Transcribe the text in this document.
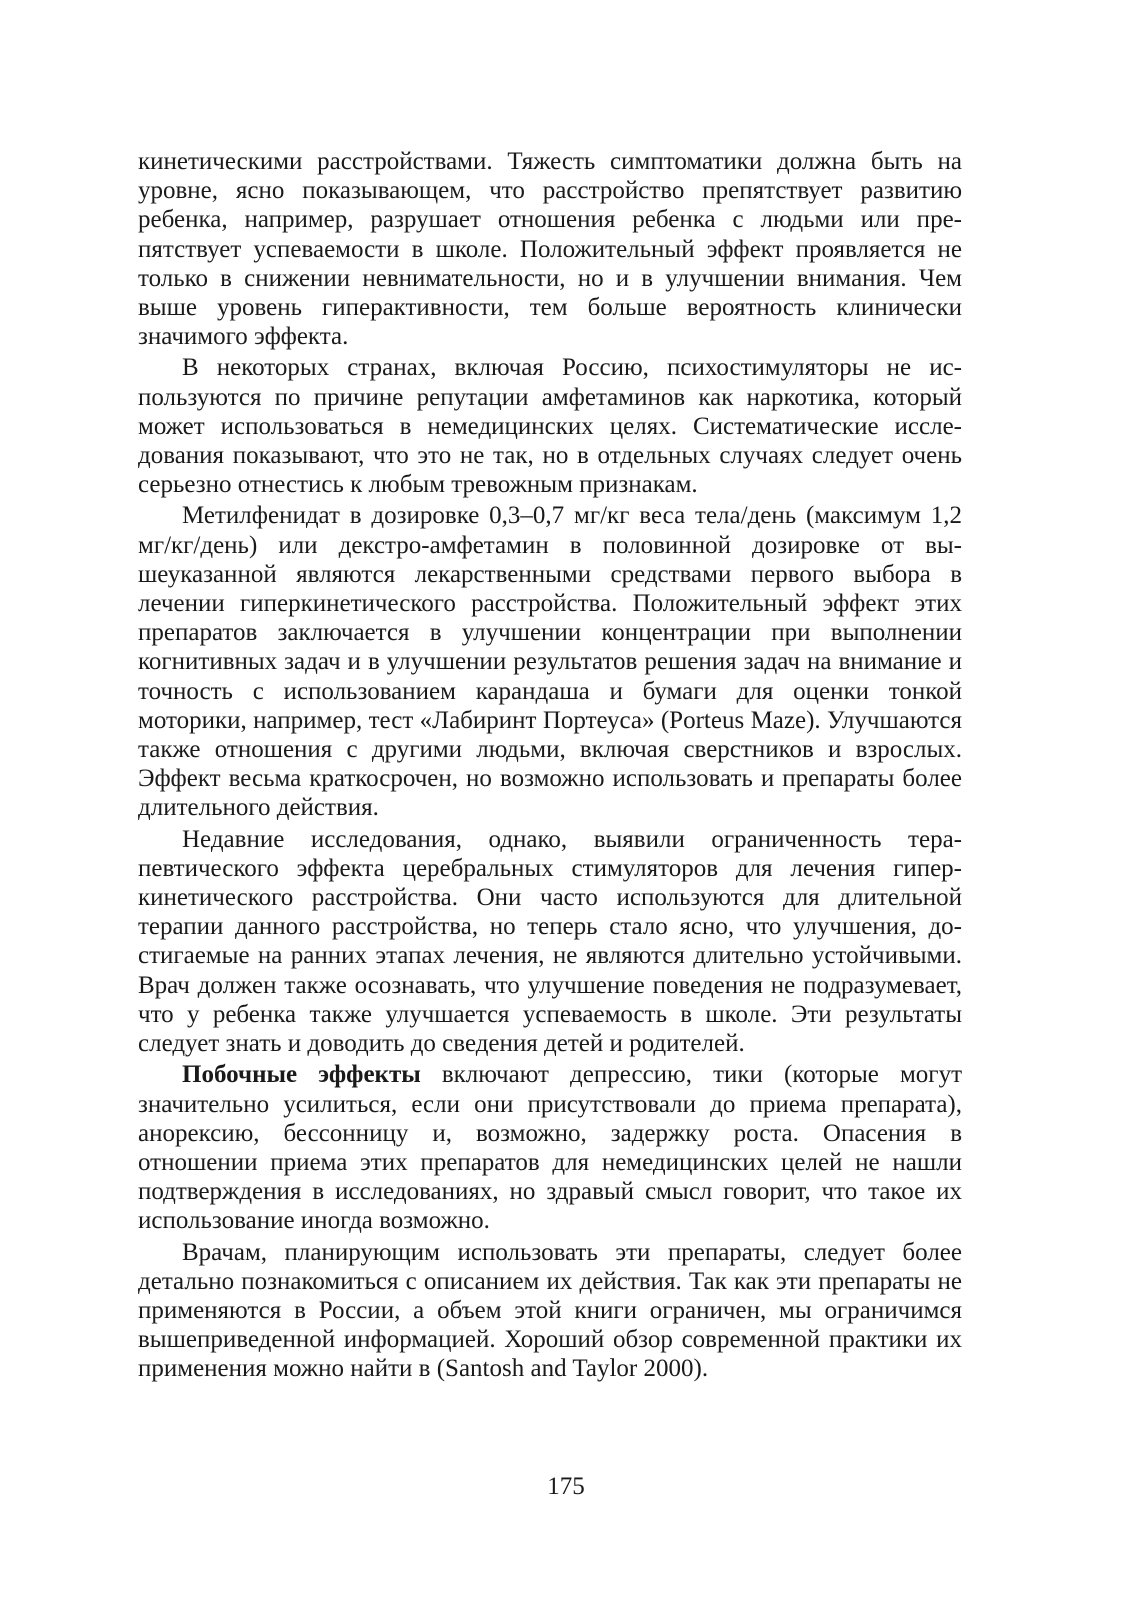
кинетическими расстройствами. Тяжесть симптоматики должна быть на уровне, ясно показывающем, что расстройство препятствует развитию ребенка, например, разрушает отношения ребенка с людьми или препятствует успеваемости в школе. Положительный эффект проявляется не только в снижении невнимательности, но и в улучшении внимания. Чем выше уровень гиперактивности, тем больше вероятность клинически значимого эффекта.

В некоторых странах, включая Россию, психостимуляторы не используются по причине репутации амфетаминов как наркотика, который может использоваться в немедицинских целях. Систематические исследования показывают, что это не так, но в отдельных случаях следует очень серьезно отнестись к любым тревожным признакам.

Метилфенидат в дозировке 0,3–0,7 мг/кг веса тела/день (максимум 1,2 мг/кг/день) или декстро-амфетамин в половинной дозировке от вышеуказанной являются лекарственными средствами первого выбора в лечении гиперкинетического расстройства. Положительный эффект этих препаратов заключается в улучшении концентрации при выполнении когнитивных задач и в улучшении результатов решения задач на внимание и точность с использованием карандаша и бумаги для оценки тонкой моторики, например, тест «Лабиринт Портеуса» (Porteus Maze). Улучшаются также отношения с другими людьми, включая сверстников и взрослых. Эффект весьма краткосрочен, но возможно использовать и препараты более длительного действия.

Недавние исследования, однако, выявили ограниченность терапевтического эффекта церебральных стимуляторов для лечения гиперкинетического расстройства. Они часто используются для длительной терапии данного расстройства, но теперь стало ясно, что улучшения, достигаемые на ранних этапах лечения, не являются длительно устойчивыми. Врач должен также осознавать, что улучшение поведения не подразумевает, что у ребенка также улучшается успеваемость в школе. Эти результаты следует знать и доводить до сведения детей и родителей.

Побочные эффекты включают депрессию, тики (которые могут значительно усилиться, если они присутствовали до приема препарата), анорексию, бессонницу и, возможно, задержку роста. Опасения в отношении приема этих препаратов для немедицинских целей не нашли подтверждения в исследованиях, но здравый смысл говорит, что такое их использование иногда возможно.

Врачам, планирующим использовать эти препараты, следует более детально познакомиться с описанием их действия. Так как эти препараты не применяются в России, а объем этой книги ограничен, мы ограничимся вышеприведенной информацией. Хороший обзор современной практики их применения можно найти в (Santosh and Taylor 2000).

175
